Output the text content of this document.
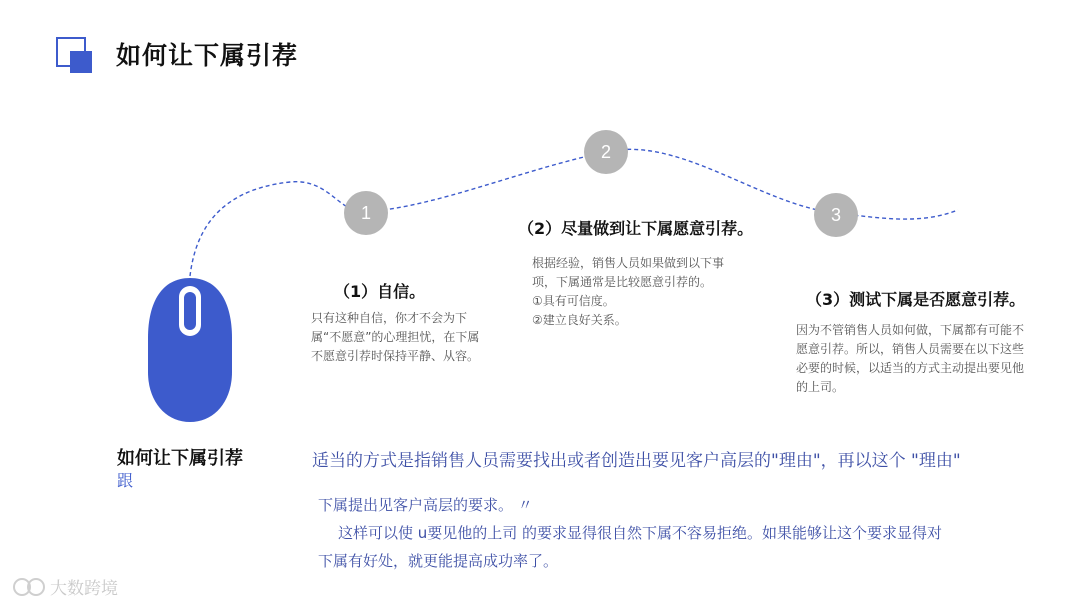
如何让下属引荐
1
2
3
（1）自信。
只有这种自信，你才不会为下属“不愿意”的心理担忧，在下属不愿意引荐时保持平静、从容。
（2）尽量做到让下属愿意引荐。
根据经验，销售人员如果做到以下事项，下属通常是比较愿意引荐的。
①具有可信度。
②建立良好关系。
（3）测试下属是否愿意引荐。
因为不管销售人员如何做，下属都有可能不愿意引荐。所以，销售人员需要在以下这些必要的时候，以适当的方式主动提出要见他的上司。
如何让下属引荐
跟
适当的方式是指销售人员需要找出或者创造出要见客户高层的"理由"，再以这个 "理由"
下属提出见客户高层的要求。 〃
这样可以使 u要见他的上司 的要求显得很自然下属不容易拒绝。如果能够让这个要求显得对
下属有好处，就更能提高成功率了。
大数跨境
